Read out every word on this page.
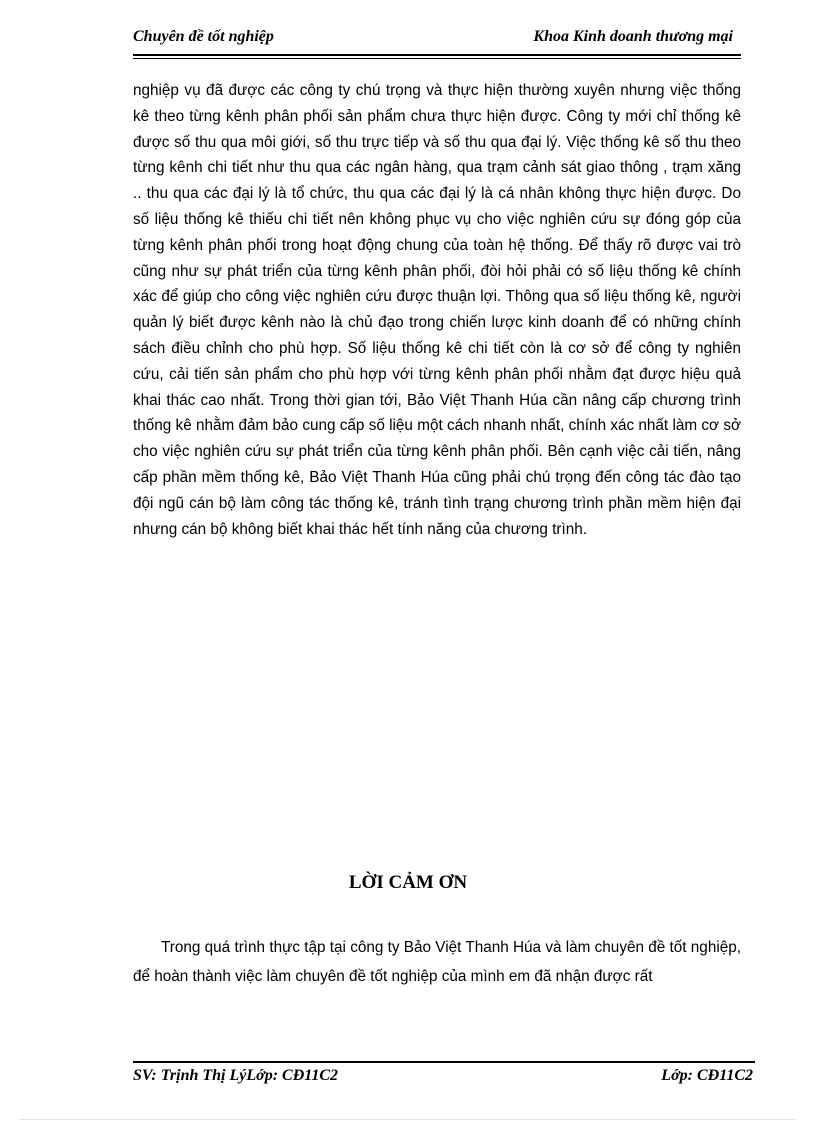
Chuyên đề tốt nghiệp	Khoa Kinh doanh thương mại
nghiệp vụ đã được các công ty chú trọng và thực hiện thường xuyên nhưng việc thống kê theo từng kênh phân phối sản phẩm chưa thực hiện được. Công ty mới chỉ thống kê được số thu qua môi giới, số thu trực tiếp và số thu qua đại lý. Việc thống kê số thu theo từng kênh chi tiết như thu qua các ngân hàng, qua trạm cảnh sát giao thông , trạm xăng .. thu qua các đại lý là tổ chức, thu qua các đại lý là cá nhân không thực hiện được. Do số liệu thống kê thiếu chi tiết nên không phục vụ cho việc nghiên cứu sự đóng góp của từng kênh phân phối trong hoạt động chung của toàn hệ thống. Để thấy rõ được vai trò cũng như sự phát triển của từng kênh phân phối, đòi hỏi phải có số liệu thống kê chính xác để giúp cho công việc nghiên cứu được thuận lợi. Thông qua số liệu thống kê, người quản lý biết được kênh nào là chủ đạo trong chiến lược kinh doanh để có những chính sách điều chỉnh cho phù hợp. Số liệu thống kê chi tiết còn là cơ sở để công ty nghiên cứu, cải tiến sản phẩm cho phù hợp với từng kênh phân phối nhằm đạt được hiệu quả khai thác cao nhất. Trong thời gian tới, Bảo Việt Thanh Húa cần nâng cấp chương trình thống kê nhằm đảm bảo cung cấp số liệu một cách nhanh nhất, chính xác nhất làm cơ sở cho việc nghiên cứu sự phát triển của từng kênh phân phối. Bên cạnh việc cải tiến, nâng cấp phần mềm thống kê, Bảo Việt Thanh Húa cũng phải chú trọng đến công tác đào tạo đội ngũ cán bộ làm công tác thống kê, tránh tình trạng chương trình phần mềm hiện đại nhưng cán bộ không biết khai thác hết tính năng của chương trình.
LỜI CẢM ƠN
Trong quá trình thực tập tại công ty Bảo Việt Thanh Húa và làm chuyên đề tốt nghiệp, để hoàn thành việc làm chuyên đề tốt nghiệp của mình em đã nhận được rất
SV: Trịnh Thị LýLớp: CĐ11C2	Lớp: CĐ11C2
